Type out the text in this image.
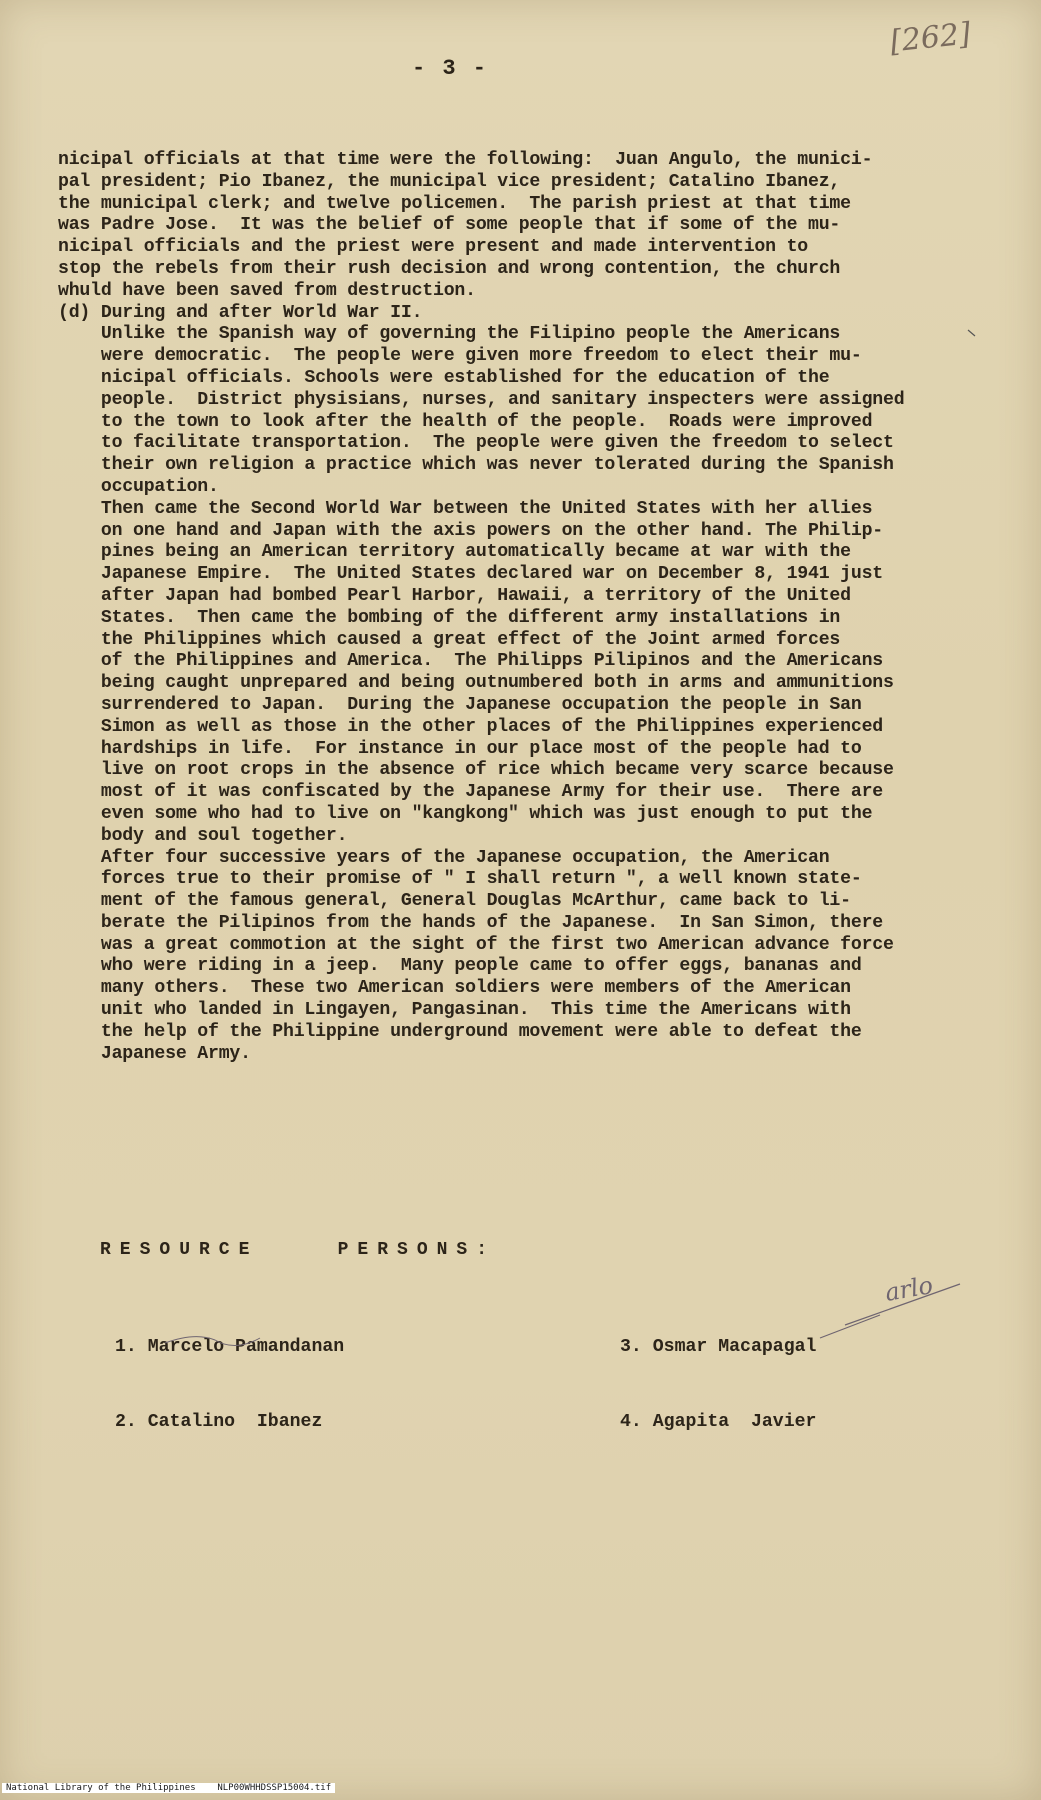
[262]
- 3 -
nicipal officials at that time were the following:  Juan Angulo, the munici-
pal president; Pio Ibanez, the municipal vice president; Catalino Ibanez,
the municipal clerk; and twelve policemen.  The parish priest at that time
was Padre Jose.  It was the belief of some people that if some of the mu-
nicipal officials and the priest were present and made intervention to
stop the rebels from their rush decision and wrong contention, the church
whuld have been saved from destruction.
(d) During and after World War II.
Unlike the Spanish way of governing the Filipino people the Americans
were democratic.  The people were given more freedom to elect their mu-
nicipal officials. Schools were established for the education of the
people.  District physisians, nurses, and sanitary inspecters were assigned
to the town to look after the health of the people.  Roads were improved
to facilitate transportation.  The people were given the freedom to select
their own religion a practice which was never tolerated during the Spanish
occupation.
Then came the Second World War between the United States with her allies
on one hand and Japan with the axis powers on the other hand. The Philip-
pines being an American territory automatically became at war with the
Japanese Empire.  The United States declared war on December 8, 1941 just
after Japan had bombed Pearl Harbor, Hawaii, a territory of the United
States.  Then came the bombing of the different army installations in
the Philippines which caused a great effect of the Joint armed forces
of the Philippines and America.  The Philipps Pilipinos and the Americans
being caught unprepared and being outnumbered both in arms and ammunitions
surrendered to Japan.  During the Japanese occupation the people in San
Simon as well as those in the other places of the Philippines experienced
hardships in life.  For instance in our place most of the people had to
live on root crops in the absence of rice which became very scarce because
most of it was confiscated by the Japanese Army for their use.  There are
even some who had to live on "kangkong" which was just enough to put the
body and soul together.
After four successive years of the Japanese occupation, the American
forces true to their promise of " I shall return ", a well known state-
ment of the famous general, General Douglas McArthur, came back to li-
berate the Pilipinos from the hands of the Japanese.  In San Simon, there
was a great commotion at the sight of the first two American advance force
who were riding in a jeep.  Many people came to offer eggs, bananas and
many others.  These two American soldiers were members of the American
unit who landed in Lingayen, Pangasinan.  This time the Americans with
the help of the Philippine underground movement were able to defeat the
Japanese Army.
RESOURCE    PERSONS:

1. Marcelo Pamandanan

2. Catalino  Ibanez

3. Osmar Macapagal

4. Agapita  Javier

arlo
National Library of the Philippines    NLP00WHHDSSP15004.tif
